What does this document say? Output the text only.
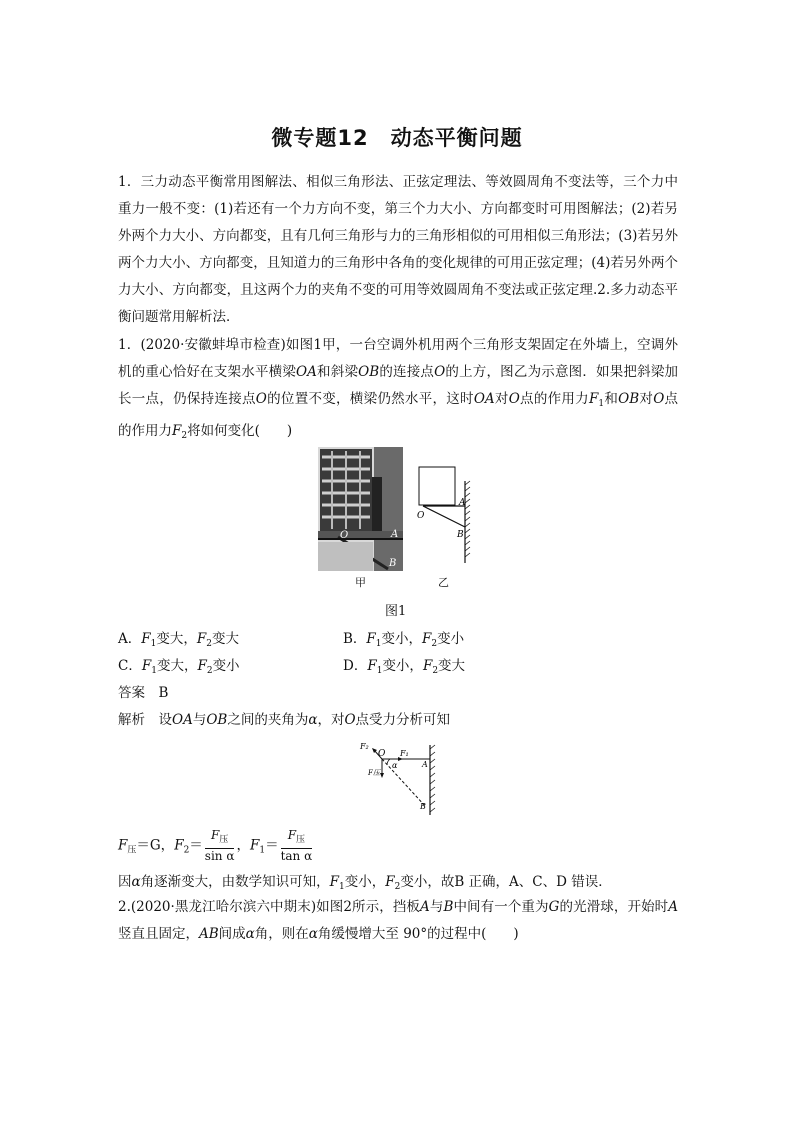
微专题12　动态平衡问题
1．三力动态平衡常用图解法、相似三角形法、正弦定理法、等效圆周角不变法等，三个力中重力一般不变：(1)若还有一个力方向不变，第三个力大小、方向都变时可用图解法；(2)若另外两个力大小、方向都变，且有几何三角形与力的三角形相似的可用相似三角形法；(3)若另外两个力大小、方向都变，且知道力的三角形中各角的变化规律的可用正弦定理；(4)若另外两个力大小、方向都变，且这两个力的夹角不变的可用等效圆周角不变法或正弦定理.2.多力动态平衡问题常用解析法．
1．(2020·安徽蚌埠市检查)如图1甲，一台空调外机用两个三角形支架固定在外墙上，空调外机的重心恰好在支架水平横梁OA和斜梁OB的连接点O的上方，图乙为示意图．如果把斜梁加长一点，仍保持连接点O的位置不变，横梁仍然水平，这时OA对O点的作用力$F_1$和OB对O点的作用力$F_2$将如何变化(　　)
O	A
B
O
A
B
甲	乙
图1
A．$F_1$变大，$F_2$变大	B．$F_1$变小，$F_2$变小
C．$F_1$变大，$F_2$变小	D．$F_1$变小，$F_2$变大
答案　 B
解析　 设OA与OB之间的夹角为α，对O点受力分析可知
F₂
O F₁
α	A
F压
B
$F_压=G$，$F_2= \frac{F_压}{\text{sin α}}$ ，$F_1= \frac{F_压}{\text{tan α}}$
因α角逐渐变大，由数学知识可知，$F_1$变小，$F_2$变小，故B 正确，A、C、D 错误．
2.(2020·黑龙江哈尔滨六中期末)如图2所示，挡板A与B中间有一个重为G的光滑球，开始时A竖直且固定，AB间成α角，则在α角缓慢增大至 90°的过程中(　　)
